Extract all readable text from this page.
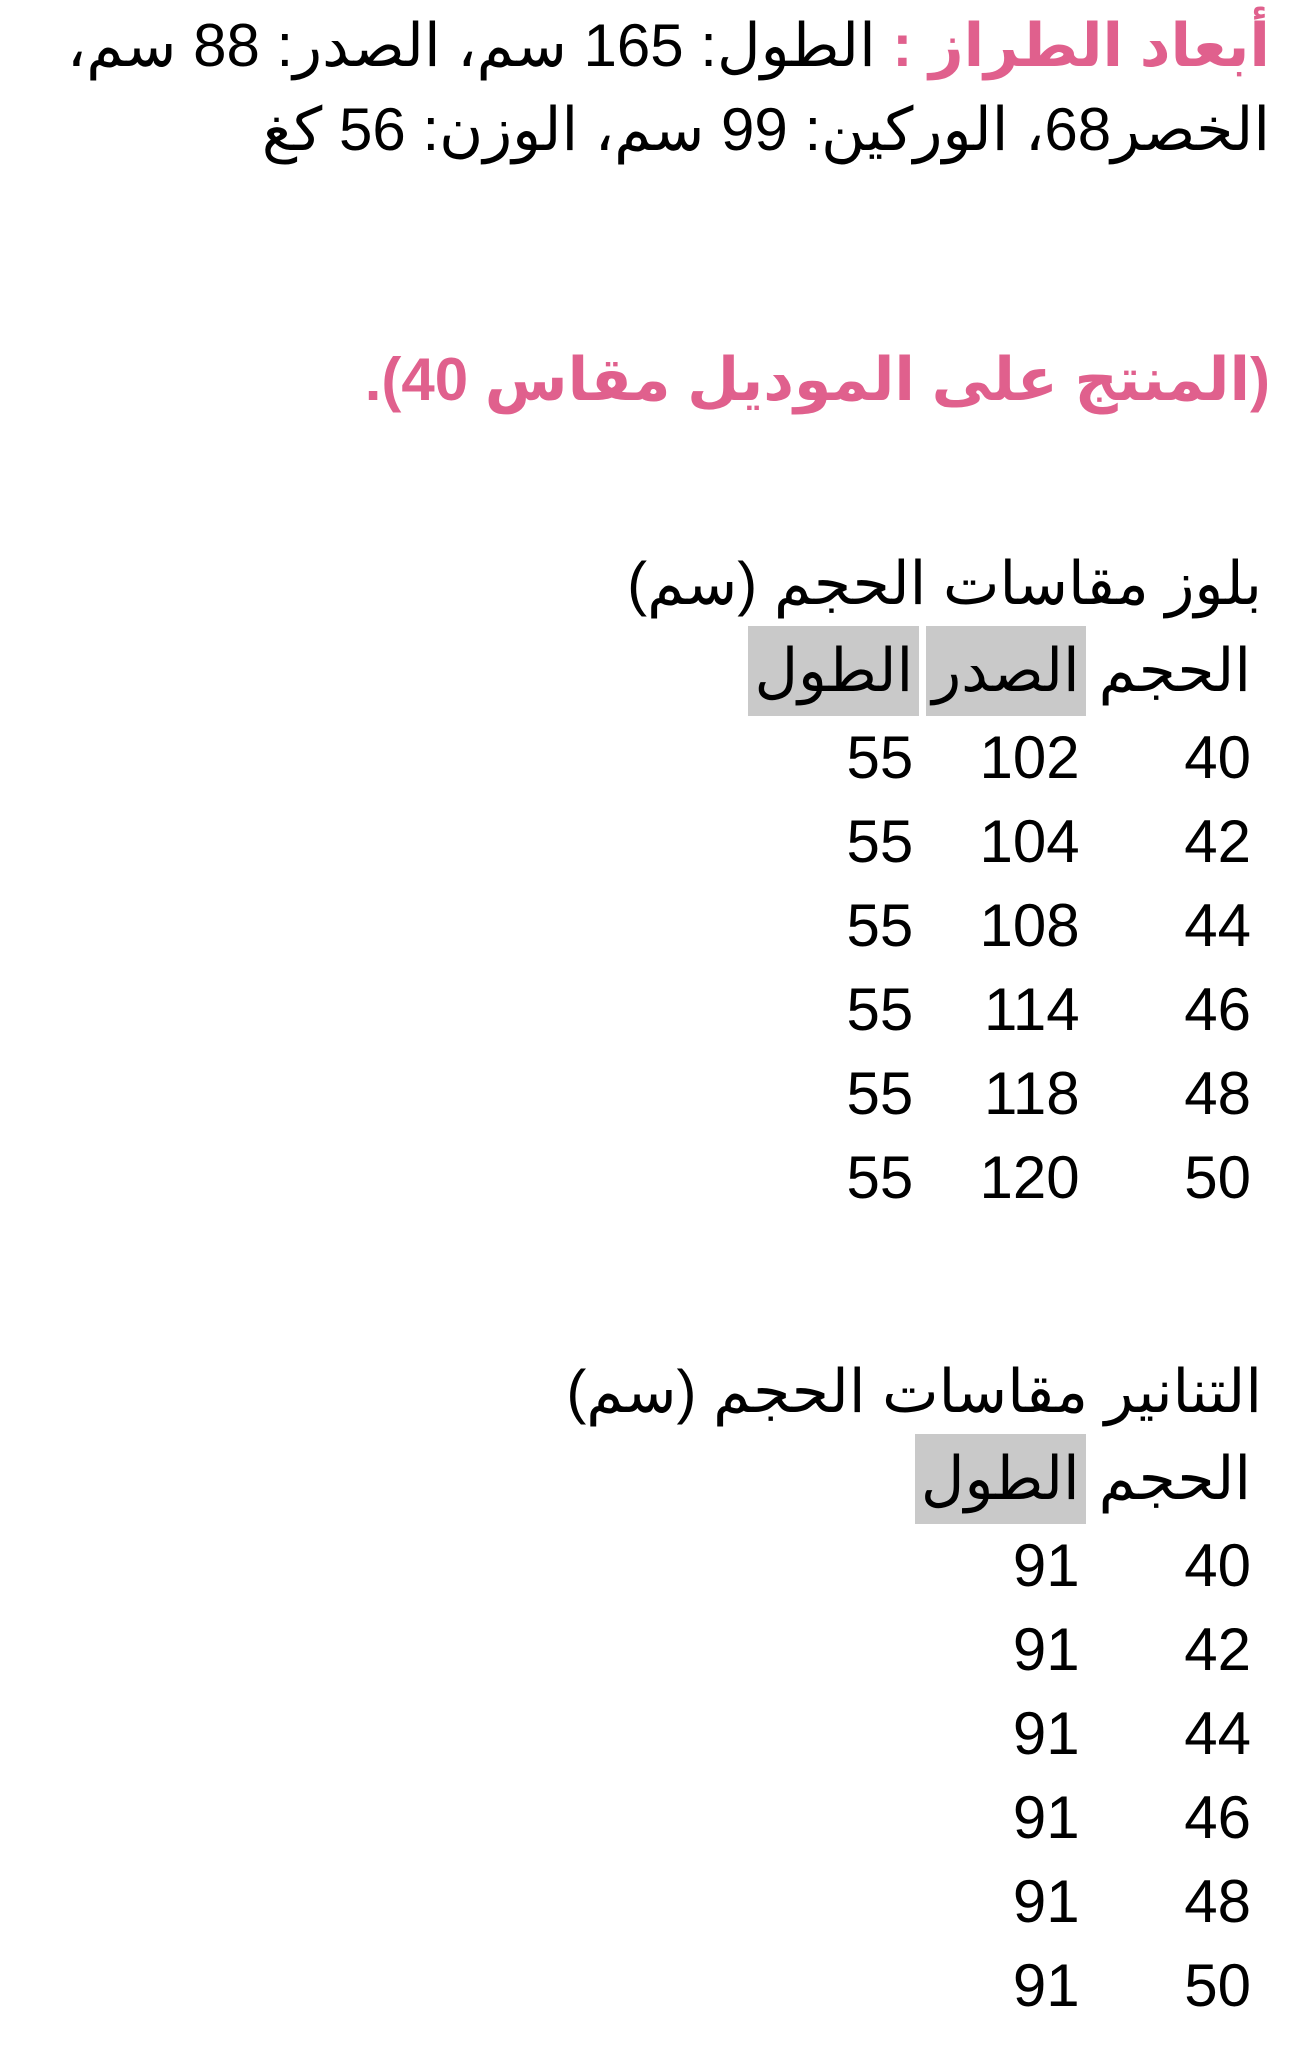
أبعاد الطراز : الطول: 165 سم، الصدر: 88 سم،
الخصر68، الوركين: 99 سم، الوزن: 56 كغ

(المنتج على الموديل مقاس 40).

بلوز مقاسات الحجم (سم)

الحجم	الصدر	الطول
40	102	55
42	104	55
44	108	55
46	114	55
48	118	55
50	120	55

التنانير مقاسات الحجم (سم)

الحجم	الطول
40	91
42	91
44	91
46	91
48	91
50	91
